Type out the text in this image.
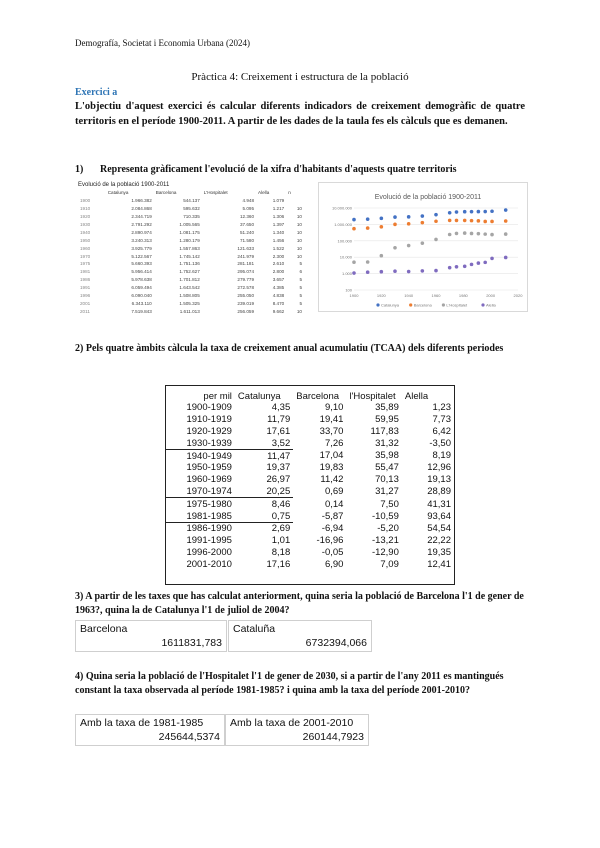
Demografía, Societat i Economia Urbana (2024)
Pràctica 4: Creixement i estructura de la població
Exercici a
L'objectiu d'aquest exercici és calcular diferents indicadors de creixement demogràfic de quatre territoris en el període 1900-2011. A partir de les dades de la taula fes els càlculs que es demanen.
1) Representa gràficament l'evolució de la xifra d'habitants d'aquests quatre territoris
Evolució de la població 1900-2011
	Catalunya	Barcelona	L'Hospitalet	Alella	n
1900	1.966.382	544.137	4.948	1.079	
1910	2.084.868	595.632	5.095	1.217	10
1920	2.344.719	710.335	12.360	1.306	10
1930	2.791.292	1.005.565	37.650	1.397	10
1940	2.890.974	1.081.175	51.240	1.340	10
1950	3.240.313	1.280.179	71.580	1.456	10
1960	3.925.779	1.557.863	121.633	1.522	10
1970	5.122.567	1.745.142	241.979	2.300	10
1975	5.660.393	1.751.136	281.181	2.610	5
1981	5.956.414	1.752.627	295.074	2.800	6
1986	5.978.638	1.701.812	279.779	3.657	5
1991	6.059.494	1.643.542	272.578	4.385	5
1996	6.090.040	1.508.805	255.050	4.838	5
2001	6.343.110	1.505.325	239.019	8.470	5
2011	7.519.843	1.611.013	256.059	9.662	10
Evolució de la població 1900-2011
100
1.000
10.000
100.000
1.000.000
10.000.000
1900	1920	1940	1960	1980	2000	2020
Catalunya	Barcelona	L'Hospitalet	Alella
2) Pels quatre àmbits càlcula la taxa de creixement anual acumulatiu (TCAA) dels diferents periodes
per mil	Catalunya	Barcelona	l'Hospitalet	Alella
1900-1909	4,35	9,10	35,89	1,23
1910-1919	11,79	19,41	59,95	7,73
1920-1929	17,61	33,70	117,83	6,42
1930-1939	3,52	7,26	31,32	-3,50
1940-1949	11,47	17,04	35,98	8,19
1950-1959	19,37	19,83	55,47	12,96
1960-1969	26,97	11,42	70,13	19,13
1970-1974	20,25	0,69	31,27	28,89
1975-1980	8,46	0,14	7,50	41,31
1981-1985	0,75	-5,87	-10,59	93,64
1986-1990	2,69	-6,94	-5,20	54,54
1991-1995	1,01	-16,96	-13,21	22,22
1996-2000	8,18	-0,05	-12,90	19,35
2001-2010	17,16	6,90	7,09	12,41
3) A partir de les taxes que has calculat anteriorment, quina seria la població de Barcelona l'1 de gener de 1963?, quina la de Catalunya l'1 de juliol de 2004?
Barcelona
1611831,783
Cataluña
6732394,066
4) Quina seria la població de l'Hospitalet l'1 de gener de 2030, si a partir de l'any 2011 es mantingués constant la taxa observada al període 1981-1985? i quina amb la taxa del període 2001-2010?
Amb la taxa de 1981-1985
245644,5374
Amb la taxa de 2001-2010
260144,7923
